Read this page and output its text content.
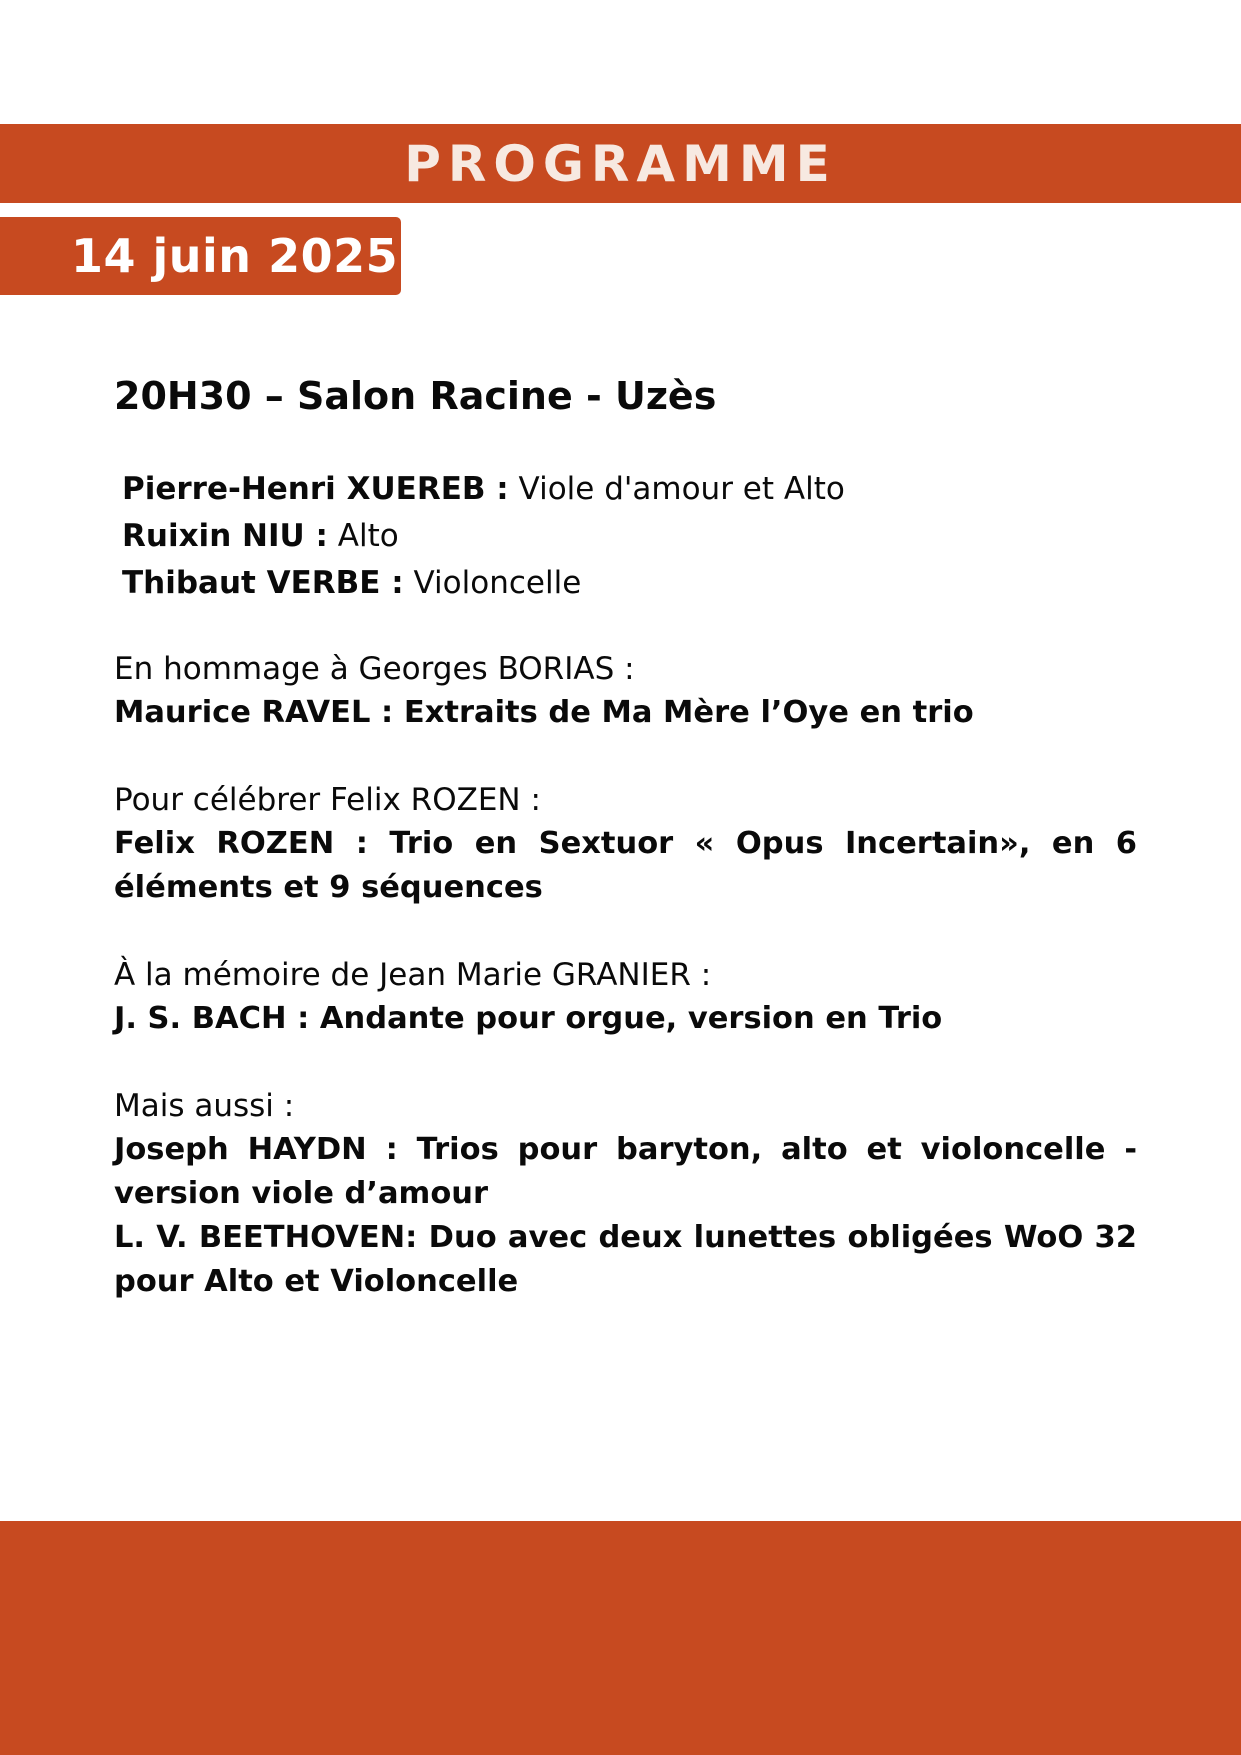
PROGRAMME
14 juin 2025
20H30 – Salon Racine - Uzès
Pierre-Henri XUEREB : Viole d'amour et Alto
Ruixin NIU : Alto
Thibaut VERBE : Violoncelle
En hommage à Georges BORIAS :
Maurice RAVEL : Extraits de Ma Mère l’Oye en trio
Pour célébrer Felix ROZEN :
Felix ROZEN : Trio en Sextuor « Opus Incertain», en 6 éléments et 9 séquences
À la mémoire de Jean Marie GRANIER :
J. S. BACH : Andante pour orgue, version en Trio
Mais aussi :
Joseph HAYDN : Trios pour baryton, alto et violoncelle - version viole d’amour
L. V. BEETHOVEN: Duo avec deux lunettes obligées WoO 32 pour Alto et Violoncelle
